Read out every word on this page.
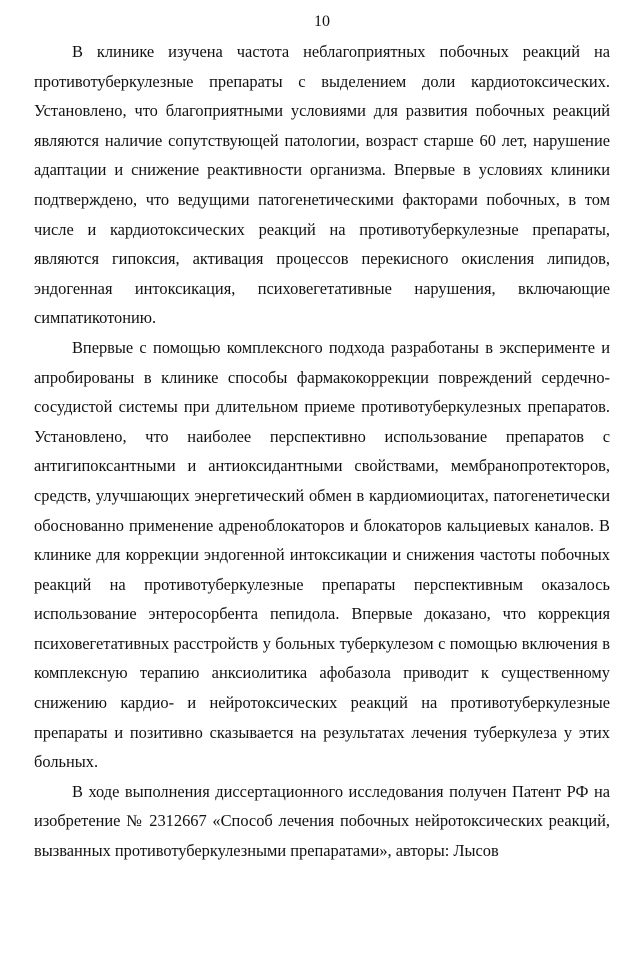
10

В клинике изучена частота неблагоприятных побочных реакций на противотуберкулезные препараты с выделением доли кардиотоксических. Установлено, что благоприятными условиями для развития побочных реакций являются наличие сопутствующей патологии, возраст старше 60 лет, нарушение адаптации и снижение реактивности организма. Впервые в условиях клиники подтверждено, что ведущими патогенетическими факторами побочных, в том числе и кардиотоксических реакций на противотуберкулезные препараты, являются гипоксия, активация процессов перекисного окисления липидов, эндогенная интоксикация, психовегетативные нарушения, включающие симпатикотонию.

Впервые с помощью комплексного подхода разработаны в эксперименте и апробированы в клинике способы фармакокоррекции повреждений сердечно-сосудистой системы при длительном приеме противотуберкулезных препаратов. Установлено, что наиболее перспективно использование препаратов с антигипоксантными и антиоксидантными свойствами, мембранопротекторов, средств, улучшающих энергетический обмен в кардиомиоцитах, патогенетически обоснованно применение адреноблокаторов и блокаторов кальциевых каналов. В клинике для коррекции эндогенной интоксикации и снижения частоты побочных реакций на противотуберкулезные препараты перспективным оказалось использование энтеросорбента пепидола. Впервые доказано, что коррекция психовегетативных расстройств у больных туберкулезом с помощью включения в комплексную терапию анксиолитика афобазола приводит к существенному снижению кардио- и нейротоксических реакций на противотуберкулезные препараты и позитивно сказывается на результатах лечения туберкулеза у этих больных.

В ходе выполнения диссертационного исследования получен Патент РФ на изобретение № 2312667 «Способ лечения побочных нейротоксических реакций, вызванных противотуберкулезными препаратами», авторы: Лысов
